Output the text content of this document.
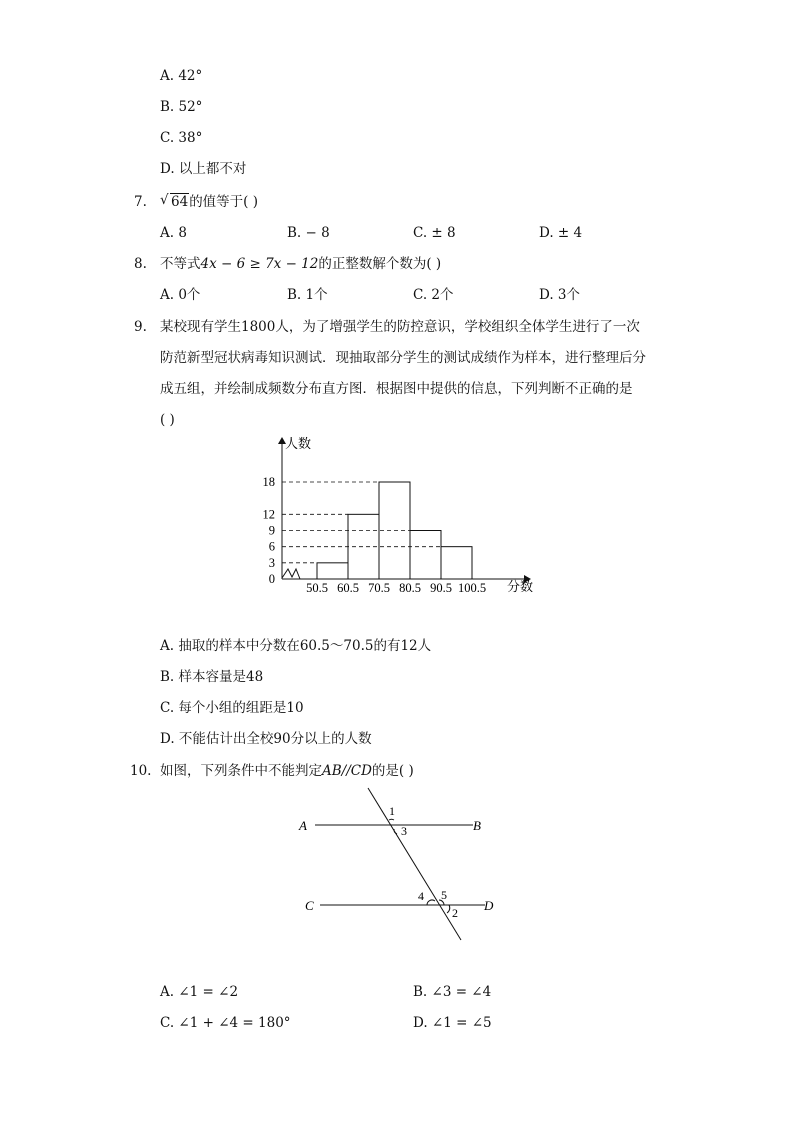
A. 42°
B. 52°
C. 38°
D. 以上都不对
7. √ 64的值等于( )
A. 8	B. − 8	C. ± 8	D. ± 4
8. 不等式4x − 6 ≥ 7x − 12的正整数解个数为( )
A. 0个	B. 1个	C. 2个	D. 3个
9. 某校现有学生1800人，为了增强学生的防控意识，学校组织全体学生进行了一次
防范新型冠状病毒知识测试．现抽取部分学生的测试成绩作为样本，进行整理后分
成五组，并绘制成频数分布直方图．根据图中提供的信息，下列判断不正确的是
( )
0
3
6
9
12
18
50.5 60.5 70.5 80.5 90.5 100.5
人数
分数
A. 抽取的样本中分数在60.5～70.5的有12人
B. 样本容量是48
C. 每个小组的组距是10
D. 不能估计出全校90分以上的人数
10. 如图，下列条件中不能判定AB//CD的是( )
A	B
C	D
1
3
4 5
2
A. ∠1 = ∠2	B. ∠3 = ∠4
C. ∠1 + ∠4 = 180°	D. ∠1 = ∠5
